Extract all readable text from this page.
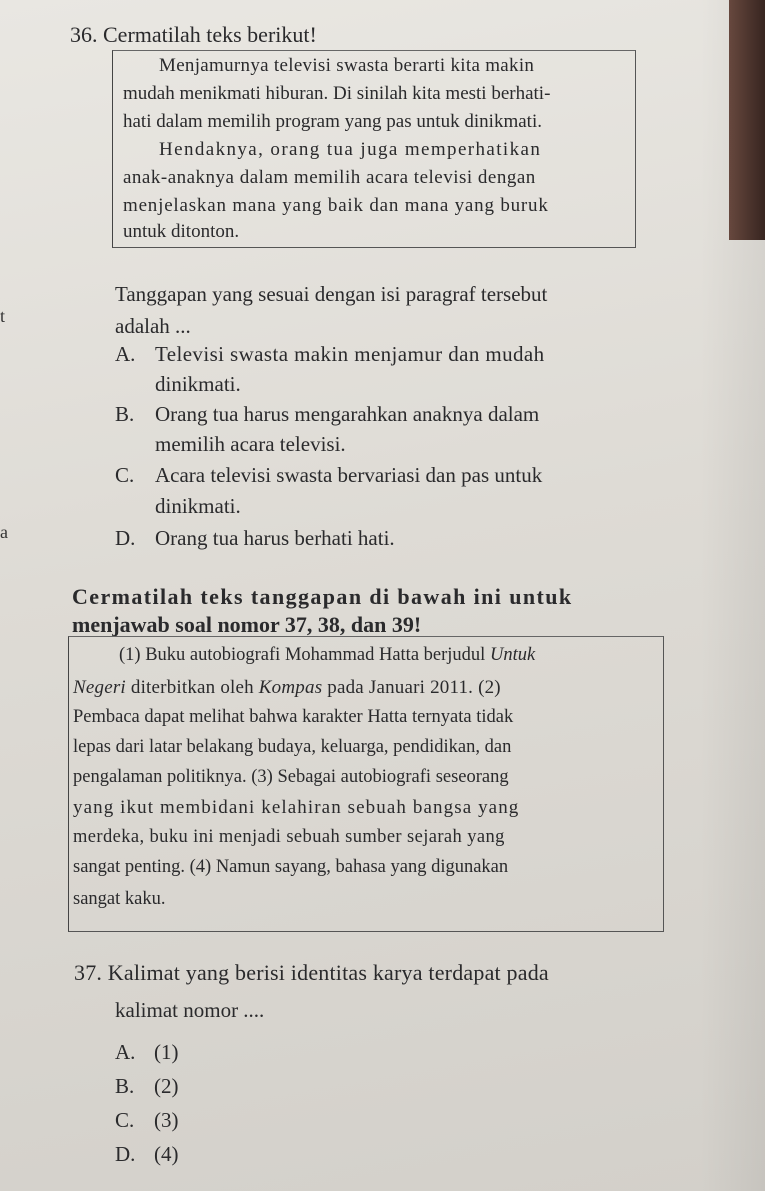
36. Cermatilah teks berikut!
Menjamurnya televisi swasta berarti kita makin
mudah menikmati hiburan. Di sinilah kita mesti berhati-
hati dalam memilih program yang pas untuk dinikmati.
Hendaknya, orang tua juga memperhatikan
anak-anaknya dalam memilih acara televisi dengan
menjelaskan mana yang baik dan mana yang buruk
untuk ditonton.
t
a
Tanggapan yang sesuai dengan isi paragraf tersebut
adalah ...
A. Televisi swasta makin menjamur dan mudah
dinikmati.
B. Orang tua harus mengarahkan anaknya dalam
memilih acara televisi.
C. Acara televisi swasta bervariasi dan pas untuk
dinikmati.
D. Orang tua harus berhati hati.
Cermatilah teks tanggapan di bawah ini untuk
menjawab soal nomor 37, 38, dan 39!
(1) Buku autobiografi Mohammad Hatta berjudul Untuk
Negeri diterbitkan oleh Kompas pada Januari 2011. (2)
Pembaca dapat melihat bahwa karakter Hatta ternyata tidak
lepas dari latar belakang budaya, keluarga, pendidikan, dan
pengalaman politiknya. (3) Sebagai autobiografi seseorang
yang ikut membidani kelahiran sebuah bangsa yang
merdeka, buku ini menjadi sebuah sumber sejarah yang
sangat penting. (4) Namun sayang, bahasa yang digunakan
sangat kaku.
37. Kalimat yang berisi identitas karya terdapat pada
kalimat nomor ....
A. (1)
B. (2)
C. (3)
D. (4)
